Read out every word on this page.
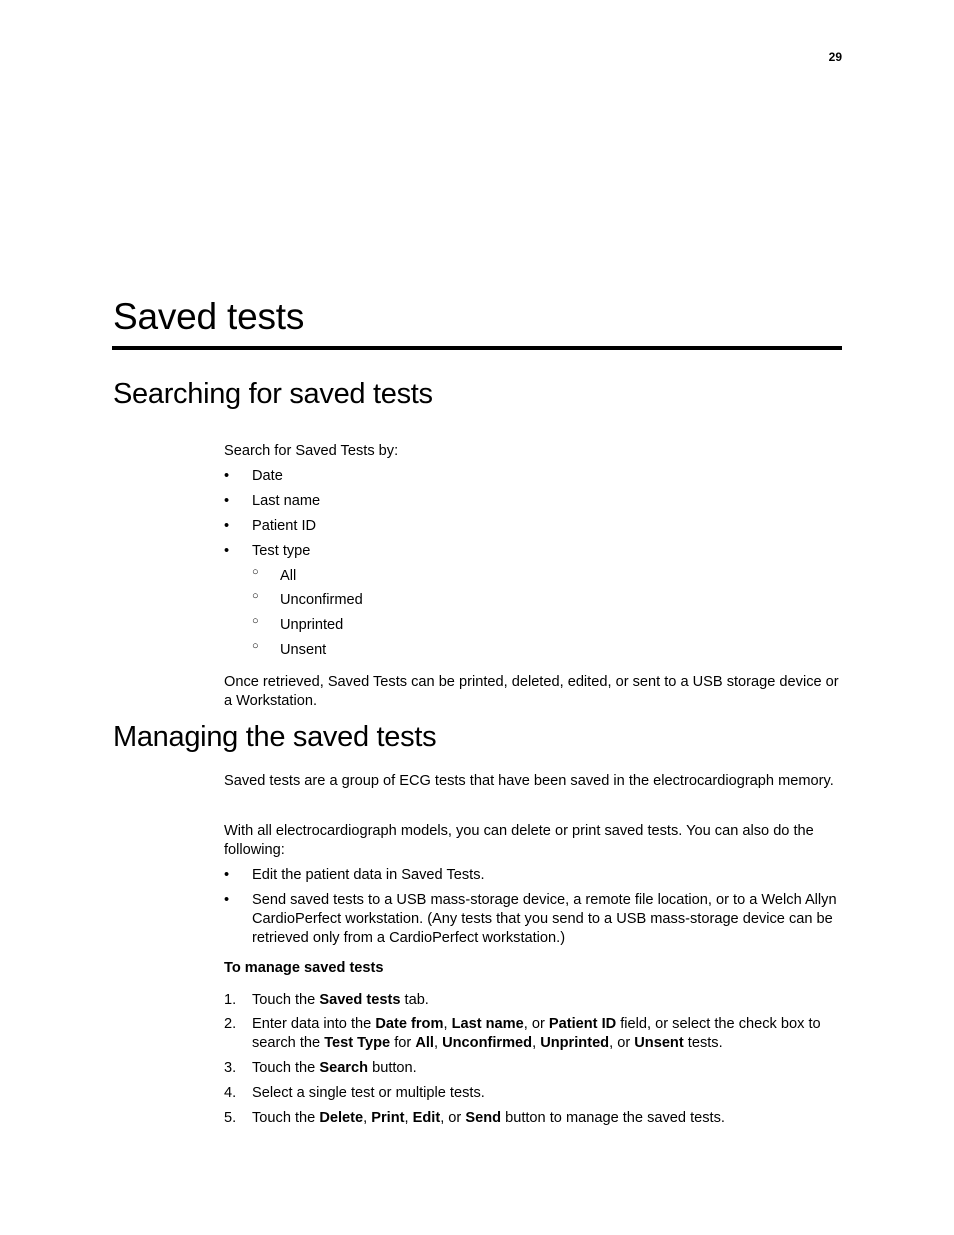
29
Saved tests
Searching for saved tests

Search for Saved Tests by:

• Date
• Last name
• Patient ID
• Test type
○ All
○ Unconfirmed
○ Unprinted
○ Unsent

Once retrieved, Saved Tests can be printed, deleted, edited, or sent to a USB storage device or a Workstation.

Managing the saved tests

Saved tests are a group of ECG tests that have been saved in the electrocardiograph memory.

With all electrocardiograph models, you can delete or print saved tests. You can also do the following:

• Edit the patient data in Saved Tests.
• Send saved tests to a USB mass-storage device, a remote file location, or to a Welch Allyn CardioPerfect workstation. (Any tests that you send to a USB mass-storage device can be retrieved only from a CardioPerfect workstation.)
To manage saved tests
1. Touch the Saved tests tab.
2. Enter data into the Date from, Last name, or Patient ID field, or select the check box to search the Test Type for All, Unconfirmed, Unprinted, or Unsent tests.
3. Touch the Search button.
4. Select a single test or multiple tests.
5. Touch the Delete, Print, Edit, or Send button to manage the saved tests.
